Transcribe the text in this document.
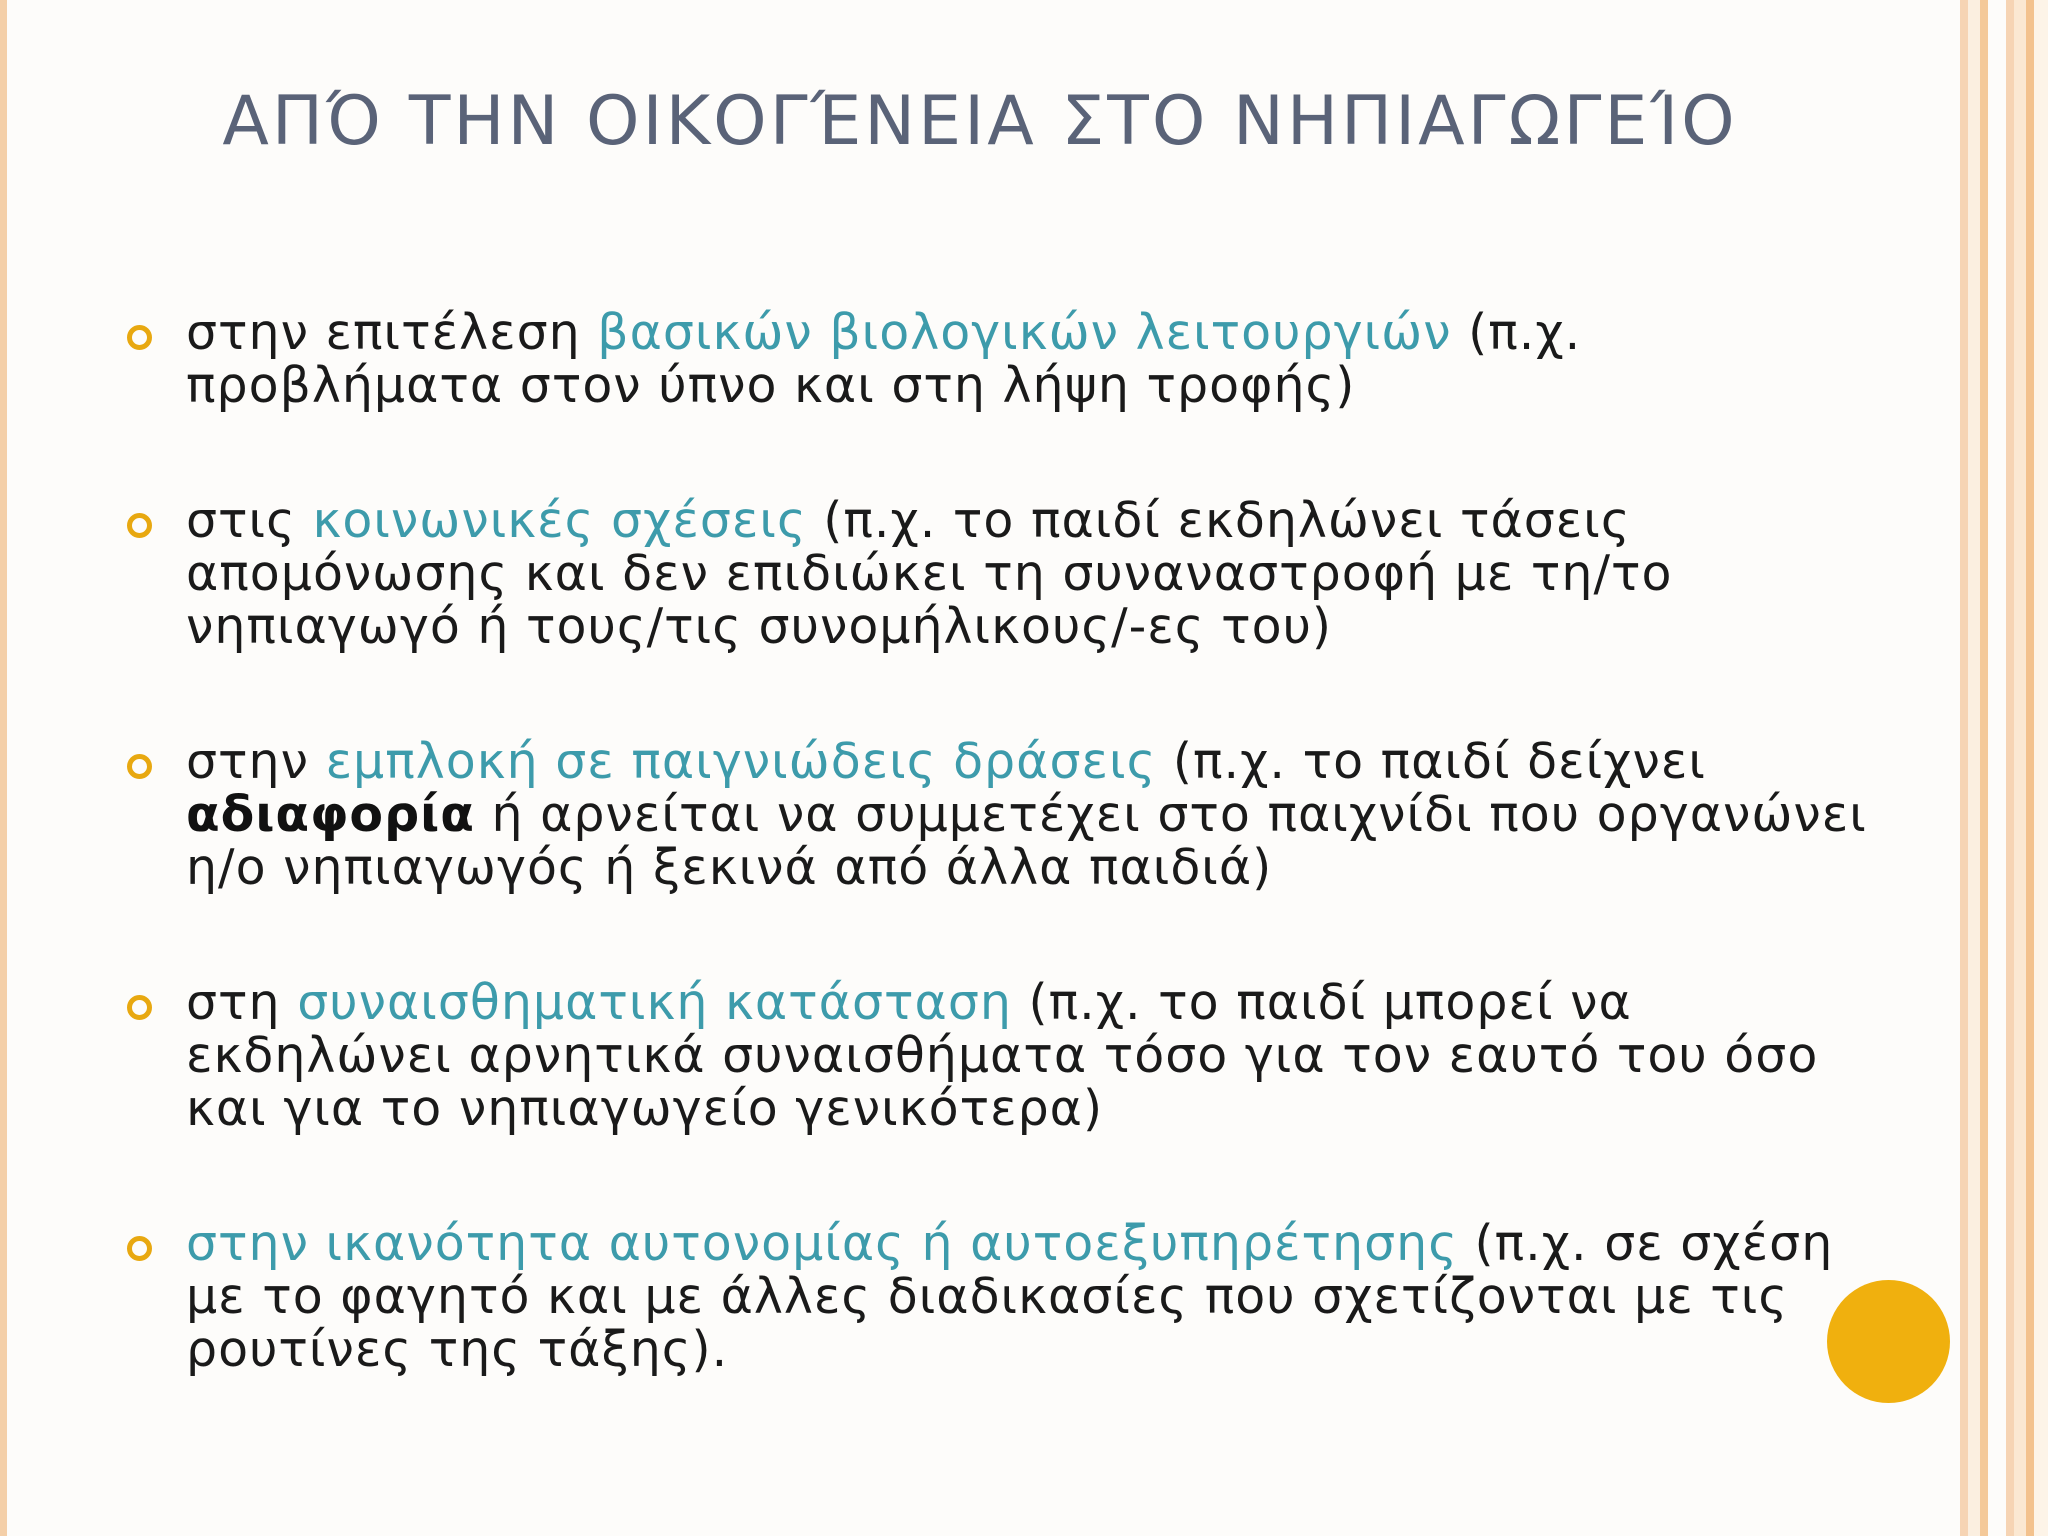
ΑΠΌ ΤΗΝ ΟΙΚΟΓΈΝΕΙΑ ΣΤΟ ΝΗΠΙΑΓΩΓΕΊΟ
στην επιτέλεση βασικών βιολογικών λειτουργιών (π.χ. προβλήματα στον ύπνο και στη λήψη τροφής)
στις κοινωνικές σχέσεις (π.χ. το παιδί εκδηλώνει τάσεις απομόνωσης και δεν επιδιώκει τη συναναστροφή με τη/το νηπιαγωγό ή τους/τις συνομήλικους/-ες του)
στην εμπλοκή σε παιγνιώδεις δράσεις (π.χ. το παιδί δείχνει αδιαφορία ή αρνείται να συμμετέχει στο παιχνίδι που οργανώνει η/ο νηπιαγωγός ή ξεκινά από άλλα παιδιά)
στη συναισθηματική κατάσταση (π.χ. το παιδί μπορεί να εκδηλώνει αρνητικά συναισθήματα τόσο για τον εαυτό του όσο και για το νηπιαγωγείο γενικότερα)
στην ικανότητα αυτονομίας ή αυτοεξυπηρέτησης (π.χ. σε σχέση με το φαγητό και με άλλες διαδικασίες που σχετίζονται με τις ρουτίνες της τάξης).
